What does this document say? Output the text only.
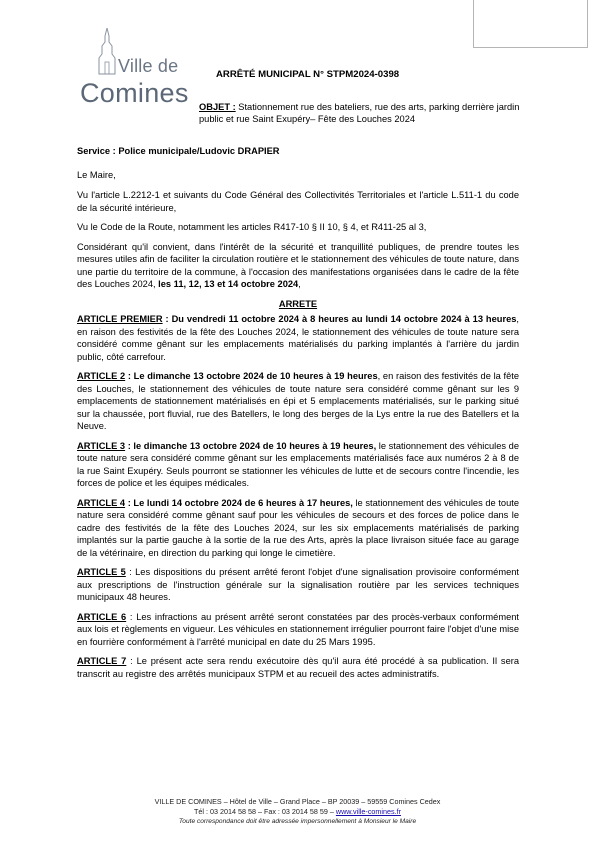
Ville de
Comines
ARRÊTÉ MUNICIPAL N° STPM2024-0398
OBJET : Stationnement rue des bateliers, rue des arts, parking derrière jardin public et rue Saint Exupéry– Fête des Louches 2024

Service : Police municipale/Ludovic DRAPIER

Le Maire,

Vu l'article L.2212-1 et suivants du Code Général des Collectivités Territoriales et l'article L.511-1 du code de la sécurité intérieure,

Vu le Code de la Route, notamment les articles R417-10 § II 10, § 4, et R411-25 al 3,

Considérant qu'il convient, dans l'intérêt de la sécurité et tranquillité publiques, de prendre toutes les mesures utiles afin de faciliter la circulation routière et le stationnement des véhicules de toute nature, dans une partie du territoire de la commune, à l'occasion des manifestations organisées dans le cadre de la fête des Louches 2024, les 11, 12, 13 et 14 octobre 2024,

ARRETE

ARTICLE PREMIER : Du vendredi 11 octobre 2024 à 8 heures au lundi 14 octobre 2024 à 13 heures, en raison des festivités de la fête des Louches 2024, le stationnement des véhicules de toute nature sera considéré comme gênant sur les emplacements matérialisés du parking implantés à l'arrière du jardin public, côté carrefour.

ARTICLE 2 : Le dimanche 13 octobre 2024 de 10 heures à 19 heures, en raison des festivités de la fête des Louches, le stationnement des véhicules de toute nature sera considéré comme gênant sur les 9 emplacements de stationnement matérialisés en épi et 5 emplacements matérialisés, sur le parking situé sur la chaussée, port fluvial, rue des Batellers, le long des berges de la Lys entre la rue des Batellers et la Neuve.

ARTICLE 3 : le dimanche 13 octobre 2024 de 10 heures à 19 heures, le stationnement des véhicules de toute nature sera considéré comme gênant sur les emplacements matérialisés face aux numéros 2 à 8 de la rue Saint Exupéry. Seuls pourront se stationner les véhicules de lutte et de secours contre l'incendie, les forces de police et les équipes médicales.

ARTICLE 4 : Le lundi 14 octobre 2024 de 6 heures à 17 heures, le stationnement des véhicules de toute nature sera considéré comme gênant sauf pour les véhicules de secours et des forces de police dans le cadre des festivités de la fête des Louches 2024, sur les six emplacements matérialisés de parking implantés sur la partie gauche à la sortie de la rue des Arts, après la place livraison située face au garage de la vétérinaire, en direction du parking qui longe le cimetière.

ARTICLE 5 : Les dispositions du présent arrêté feront l'objet d'une signalisation provisoire conformément aux prescriptions de l'instruction générale sur la signalisation routière par les services techniques municipaux 48 heures.

ARTICLE 6 : Les infractions au présent arrêté seront constatées par des procès-verbaux conformément aux lois et règlements en vigueur. Les véhicules en stationnement irrégulier pourront faire l'objet d'une mise en fourrière conformément à l'arrêté municipal en date du 25 Mars 1995.

ARTICLE 7 : Le présent acte sera rendu exécutoire dès qu'il aura été procédé à sa publication. Il sera transcrit au registre des arrêtés municipaux STPM et au recueil des actes administratifs.

VILLE DE COMINES – Hôtel de Ville – Grand Place – BP 20039 – 59559 Comines Cedex
Tél : 03 2014 58 58 – Fax : 03 2014 58 59 – www.ville-comines.fr
Toute correspondance doit être adressée impersonnellement à Monsieur le Maire
